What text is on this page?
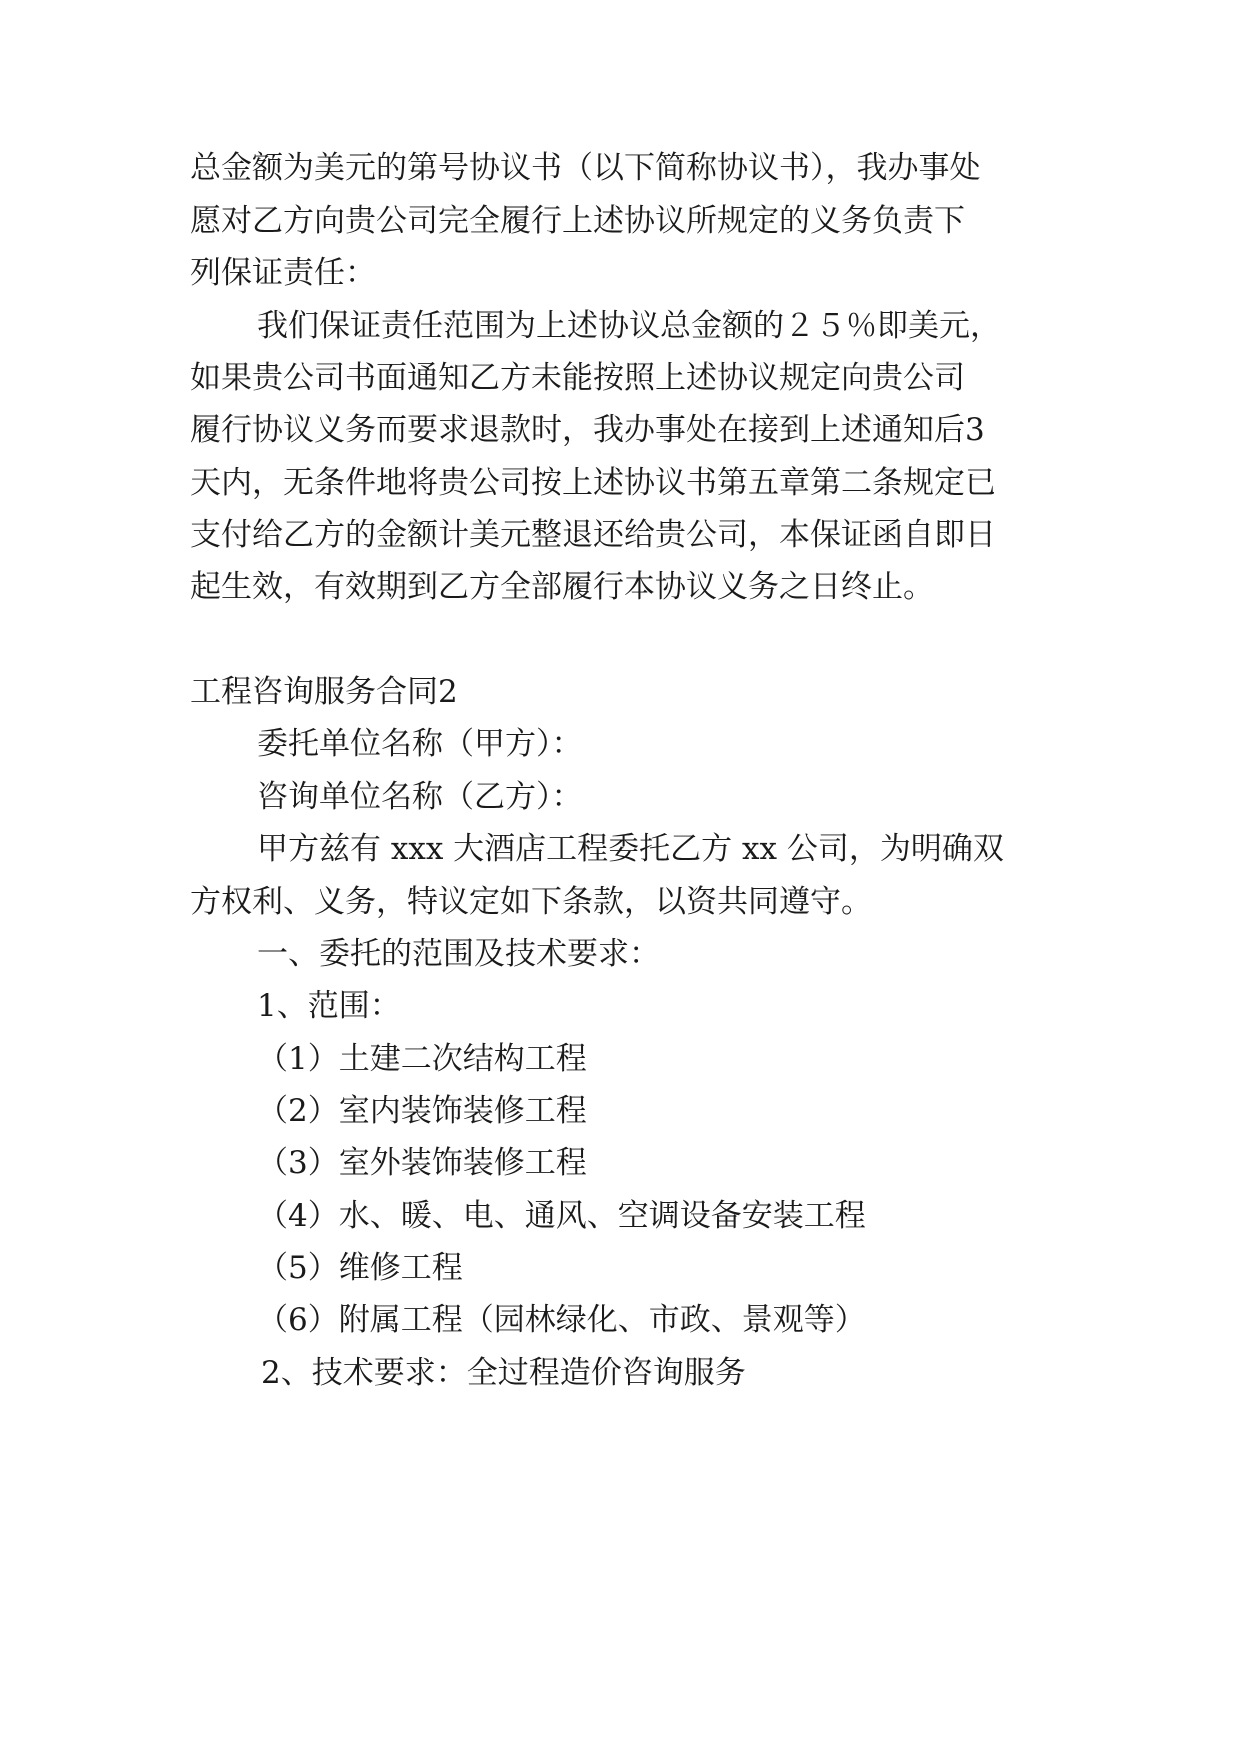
总金额为美元的第号协议书（以下简称协议书），我办事处

愿对乙方向贵公司完全履行上述协议所规定的义务负责下

列保证责任：

我们保证责任范围为上述协议总金额的２５％即美元，

如果贵公司书面通知乙方未能按照上述协议规定向贵公司

履行协议义务而要求退款时，我办事处在接到上述通知后3

天内，无条件地将贵公司按上述协议书第五章第二条规定已

支付给乙方的金额计美元整退还给贵公司，本保证函自即日

起生效，有效期到乙方全部履行本协议义务之日终止。

工程咨询服务合同2

委托单位名称（甲方）：

咨询单位名称（乙方）：

甲方兹有 xxx 大酒店工程委托乙方 xx 公司，为明确双

方权利、义务，特议定如下条款，以资共同遵守。

一、委托的范围及技术要求：

1、范围：

（1）土建二次结构工程

（2）室内装饰装修工程

（3）室外装饰装修工程

（4）水、暖、电、通风、空调设备安装工程

（5）维修工程

（6）附属工程（园林绿化、市政、景观等）

2、技术要求：全过程造价咨询服务
